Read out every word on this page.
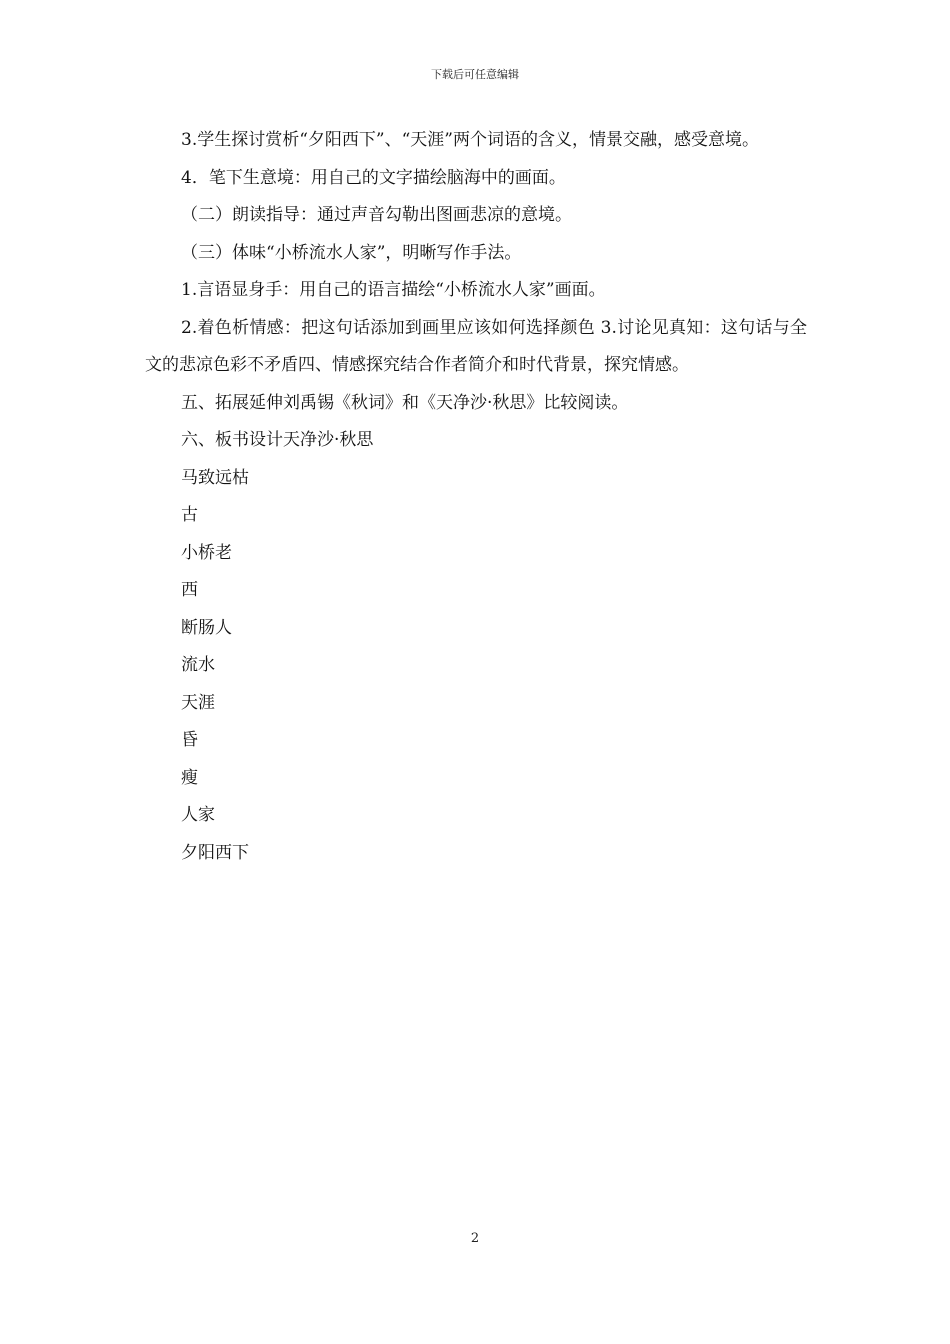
下载后可任意编辑

3.学生探讨赏析“夕阳西下”、“天涯”两个词语的含义，情景交融，感受意境。

4．笔下生意境：用自己的文字描绘脑海中的画面。

（二）朗读指导：通过声音勾勒出图画悲凉的意境。

（三）体味“小桥流水人家”，明晰写作手法。

1.言语显身手：用自己的语言描绘“小桥流水人家”画面。

2.着色析情感：把这句话添加到画里应该如何选择颜色 3.讨论见真知：这句话与全文的悲凉色彩不矛盾四、情感探究结合作者简介和时代背景，探究情感。

五、拓展延伸刘禹锡《秋词》和《天净沙·秋思》比较阅读。

六、板书设计天净沙·秋思

马致远枯

古

小桥老

西

断肠人

流水

天涯

昏

瘦

人家

夕阳西下

2
